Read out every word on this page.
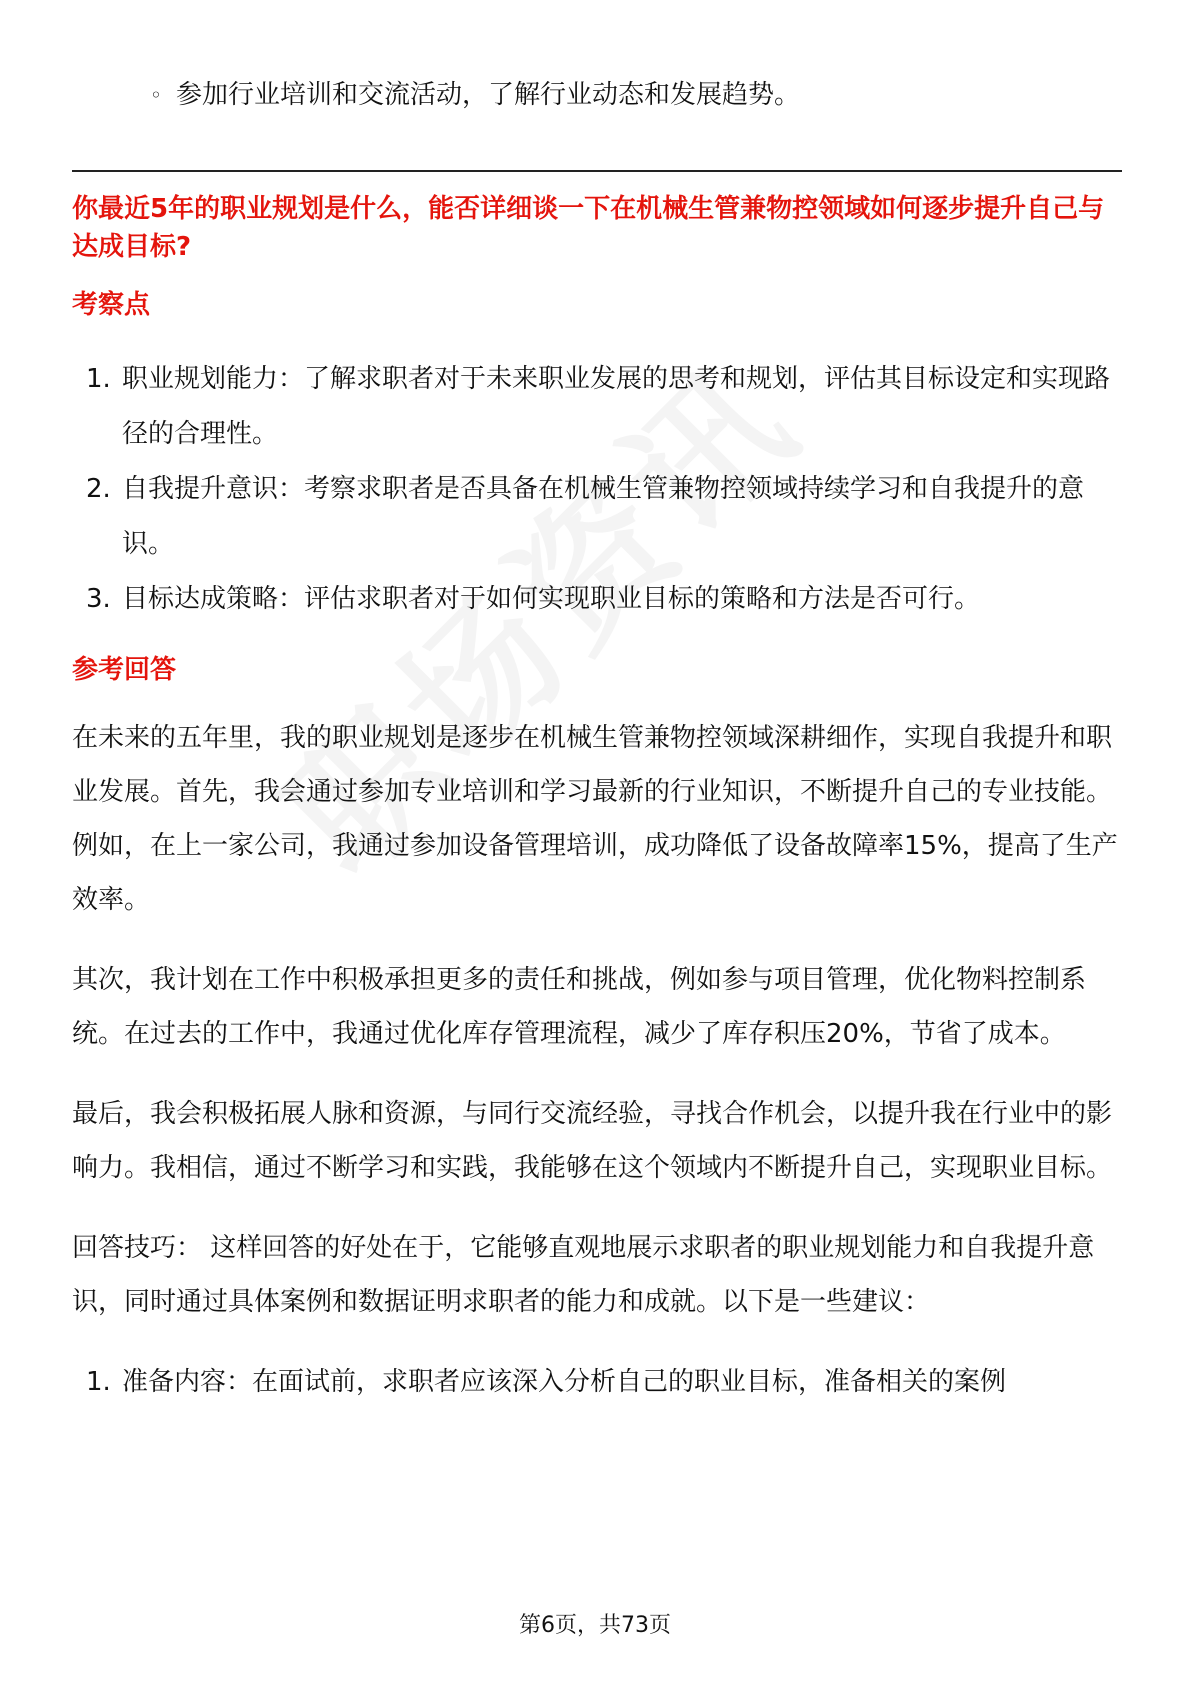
◦ 参加行业培训和交流活动，了解行业动态和发展趋势。
你最近5年的职业规划是什么，能否详细谈一下在机械生管兼物控领域如何逐步提升自己与达成目标?
考察点
1. 职业规划能力：了解求职者对于未来职业发展的思考和规划，评估其目标设定和实现路径的合理性。
2. 自我提升意识：考察求职者是否具备在机械生管兼物控领域持续学习和自我提升的意识。
3. 目标达成策略：评估求职者对于如何实现职业目标的策略和方法是否可行。
参考回答

在未来的五年里，我的职业规划是逐步在机械生管兼物控领域深耕细作，实现自我提升和职业发展。首先，我会通过参加专业培训和学习最新的行业知识，不断提升自己的专业技能。例如，在上一家公司，我通过参加设备管理培训，成功降低了设备故障率15%，提高了生产效率。

其次，我计划在工作中积极承担更多的责任和挑战，例如参与项目管理，优化物料控制系统。在过去的工作中，我通过优化库存管理流程，减少了库存积压20%，节省了成本。

最后，我会积极拓展人脉和资源，与同行交流经验，寻找合作机会，以提升我在行业中的影响力。我相信，通过不断学习和实践，我能够在这个领域内不断提升自己，实现职业目标。

回答技巧： 这样回答的好处在于，它能够直观地展示求职者的职业规划能力和自我提升意识，同时通过具体案例和数据证明求职者的能力和成就。以下是一些建议：

1. 准备内容：在面试前，求职者应该深入分析自己的职业目标，准备相关的案例
第6页，共73页
